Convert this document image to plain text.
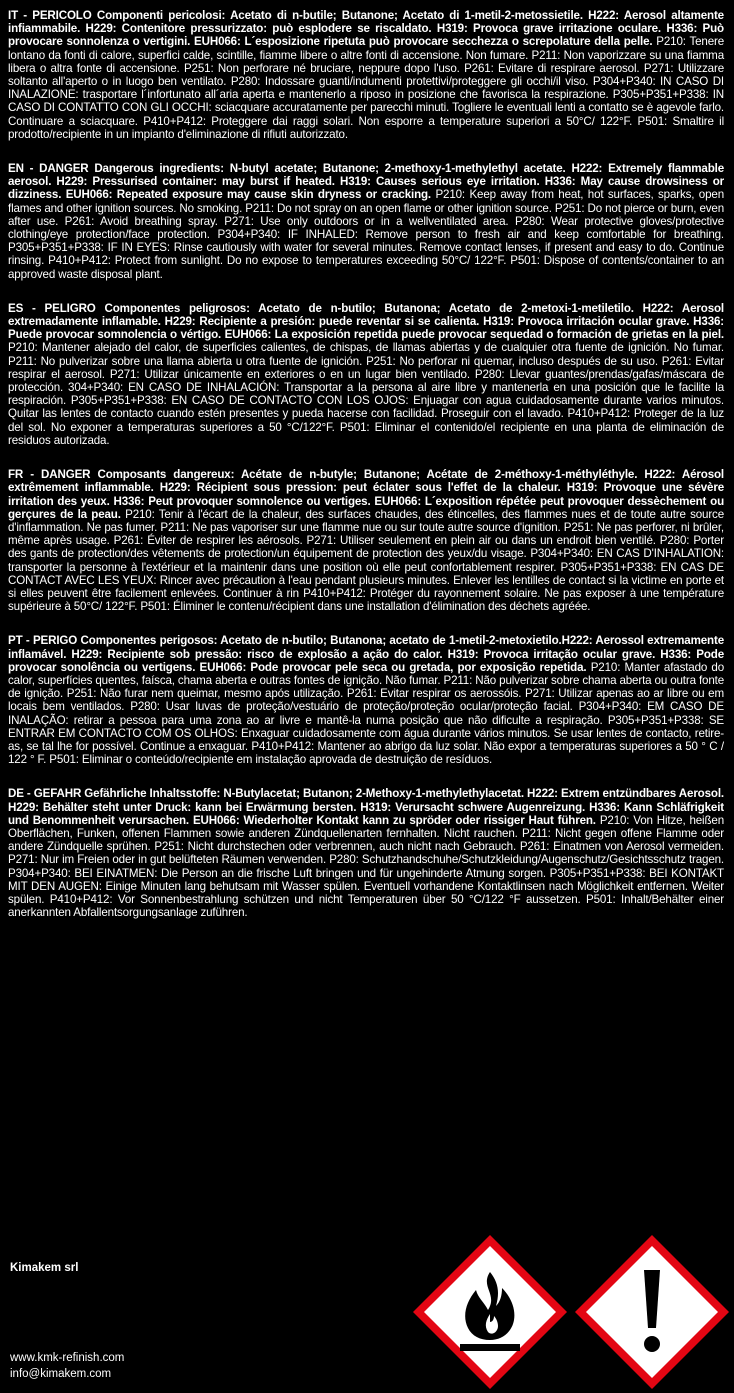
IT - PERICOLO Componenti pericolosi: Acetato di n-butile; Butanone; Acetato di 1-metil-2-metossietile. H222: Aerosol altamente infiammabile. H229: Contenitore pressurizzato: può esplodere se riscaldato. H319: Provoca grave irritazione oculare. H336: Può provocare sonnolenza o vertigini. EUH066: L´esposizione ripetuta può provocare secchezza o screpolature della pelle. P210: Tenere lontano da fonti di calore, superfici calde, scintille, fiamme libere o altre fonti di accensione. Non fumare. P211: Non vaporizzare su una fiamma libera o altra fonte di accensione. P251: Non perforare né bruciare, neppure dopo l'uso. P261: Evitare di respirare aerosol. P271: Utilizzare soltanto all'aperto o in luogo ben ventilato. P280: Indossare guanti/indumenti protettivi/proteggere gli occhi/il viso. P304+P340: IN CASO DI INALAZIONE: trasportare l´infortunato all´aria aperta e mantenerlo a riposo in posizione che favorisca la respirazione. P305+P351+P338: IN CASO DI CONTATTO CON GLI OCCHI: sciacquare accuratamente per parecchi minuti. Togliere le eventuali lenti a contatto se è agevole farlo. Continuare a sciacquare. P410+P412: Proteggere dai raggi solari. Non esporre a temperature superiori a 50°C/ 122°F. P501: Smaltire il prodotto/recipiente in un impianto d'eliminazione di rifiuti autorizzato.
EN - DANGER Dangerous ingredients: N-butyl acetate; Butanone; 2-methoxy-1-methylethyl acetate. H222: Extremely flammable aerosol. H229: Pressurised container: may burst if heated. H319: Causes serious eye irritation. H336: May cause drowsiness or dizziness. EUH066: Repeated exposure may cause skin dryness or cracking. P210: Keep away from heat, hot surfaces, sparks, open flames and other ignition sources. No smoking. P211: Do not spray on an open flame or other ignition source. P251: Do not pierce or burn, even after use. P261: Avoid breathing spray. P271: Use only outdoors or in a wellventilated area. P280: Wear protective gloves/protective clothing/eye protection/face protection. P304+P340: IF INHALED: Remove person to fresh air and keep comfortable for breathing. P305+P351+P338: IF IN EYES: Rinse cautiously with water for several minutes. Remove contact lenses, if present and easy to do. Continue rinsing. P410+P412: Protect from sunlight. Do no expose to temperatures exceeding 50°C/ 122°F. P501: Dispose of contents/container to an approved waste disposal plant.
ES - PELIGRO Componentes peligrosos: Acetato de n-butilo; Butanona; Acetato de 2-metoxi-1-metiletilo. H222: Aerosol extremadamente inflamable. H229: Recipiente a presión: puede reventar si se calienta. H319: Provoca irritación ocular grave. H336: Puede provocar somnolencia o vértigo. EUH066: La exposición repetida puede provocar sequedad o formación de grietas en la piel. P210: Mantener alejado del calor, de superficies calientes, de chispas, de llamas abiertas y de cualquier otra fuente de ignición. No fumar. P211: No pulverizar sobre una llama abierta u otra fuente de ignición. P251: No perforar ni quemar, incluso después de su uso. P261: Evitar respirar el aerosol. P271: Utilizar únicamente en exteriores o en un lugar bien ventilado. P280: Llevar guantes/prendas/gafas/máscara de protección. 304+P340: EN CASO DE INHALACIÓN: Transportar a la persona al aire libre y mantenerla en una posición que le facilite la respiración. P305+P351+P338: EN CASO DE CONTACTO CON LOS OJOS: Enjuagar con agua cuidadosamente durante varios minutos. Quitar las lentes de contacto cuando estén presentes y pueda hacerse con facilidad. Proseguir con el lavado. P410+P412: Proteger de la luz del sol. No exponer a temperaturas superiores a 50 °C/122°F. P501: Eliminar el contenido/el recipiente en una planta de eliminación de residuos autorizada.
FR - DANGER Composants dangereux: Acétate de n-butyle; Butanone; Acétate de 2-méthoxy-1-méthyléthyle. H222: Aérosol extrêmement inflammable. H229: Récipient sous pression: peut éclater sous l'effet de la chaleur. H319: Provoque une sévère irritation des yeux. H336: Peut provoquer somnolence ou vertiges. EUH066: L´exposition répétée peut provoquer dessèchement ou gerçures de la peau. P210: Tenir à l'écart de la chaleur, des surfaces chaudes, des étincelles, des flammes nues et de toute autre source d'inflammation. Ne pas fumer. P211: Ne pas vaporiser sur une flamme nue ou sur toute autre source d'ignition. P251: Ne pas perforer, ni brûler, même après usage. P261: Éviter de respirer les aérosols. P271: Utiliser seulement en plein air ou dans un endroit bien ventilé. P280: Porter des gants de protection/des vêtements de protection/un équipement de protection des yeux/du visage. P304+P340: EN CAS D'INHALATION: transporter la personne à l'extérieur et la maintenir dans une position où elle peut confortablement respirer. P305+P351+P338: EN CAS DE CONTACT AVEC LES YEUX: Rincer avec précaution à l'eau pendant plusieurs minutes. Enlever les lentilles de contact si la victime en porte et si elles peuvent être facilement enlevées. Continuer à rin P410+P412: Protéger du rayonnement solaire. Ne pas exposer à une température supérieure à 50°C/ 122°F. P501: Éliminer le contenu/récipient dans une installation d'élimination des déchets agréée.
PT - PERIGO Componentes perigosos: Acetato de n-butilo; Butanona; acetato de 1-metil-2-metoxietilo.H222: Aerossol extremamente inflamável. H229: Recipiente sob pressão: risco de explosão a ação do calor. H319: Provoca irritação ocular grave. H336: Pode provocar sonolência ou vertigens. EUH066: Pode provocar pele seca ou gretada, por exposição repetida. P210: Manter afastado do calor, superfícies quentes, faísca, chama aberta e outras fontes de ignição. Não fumar. P211: Não pulverizar sobre chama aberta ou outra fonte de ignição. P251: Não furar nem queimar, mesmo após utilização. P261: Evitar respirar os aerossóis. P271: Utilizar apenas ao ar libre ou em locais bem ventilados. P280: Usar luvas de proteção/vestuário de proteção/proteção ocular/proteção facial. P304+P340: EM CASO DE INALAÇÃO: retirar a pessoa para uma zona ao ar livre e mantê-la numa posição que não dificulte a respiração. P305+P351+P338: SE ENTRAR EM CONTACTO COM OS OLHOS: Enxaguar cuidadosamente com água durante vários minutos. Se usar lentes de contacto, retire-as, se tal lhe for possível. Continue a enxaguar. P410+P412: Mantener ao abrigo da luz solar. Não expor a temperaturas superiores a 50 ° C / 122 ° F. P501: Eliminar o conteúdo/recipiente em instalação aprovada de destruição de resíduos.
DE - GEFAHR Gefährliche Inhaltsstoffe: N-Butylacetat; Butanon; 2-Methoxy-1-methylethylacetat. H222: Extrem entzündbares Aerosol. H229: Behälter steht unter Druck: kann bei Erwärmung bersten. H319: Verursacht schwere Augenreizung. H336: Kann Schläfrigkeit und Benommenheit verursachen. EUH066: Wiederholter Kontakt kann zu spröder oder rissiger Haut führen. P210: Von Hitze, heißen Oberflächen, Funken, offenen Flammen sowie anderen Zündquellenarten fernhalten. Nicht rauchen. P211: Nicht gegen offene Flamme oder andere Zündquelle sprühen. P251: Nicht durchstechen oder verbrennen, auch nicht nach Gebrauch. P261: Einatmen von Aerosol vermeiden. P271: Nur im Freien oder in gut belüfteten Räumen verwenden. P280: Schutzhandschuhe/Schutzkleidung/Augenschutz/Gesichtsschutz tragen. P304+P340: BEI EINATMEN: Die Person an die frische Luft bringen und für ungehinderte Atmung sorgen. P305+P351+P338: BEI KONTAKT MIT DEN AUGEN: Einige Minuten lang behutsam mit Wasser spülen. Eventuell vorhandene Kontaktlinsen nach Möglichkeit entfernen. Weiter spülen. P410+P412: Vor Sonnenbestrahlung schützen und nicht Temperaturen über 50 °C/122 °F aussetzen. P501: Inhalt/Behälter einer anerkannten Abfallentsorgungsanlage zuführen.
Kimakem srl
www.kmk-refinish.com
info@kimakem.com
